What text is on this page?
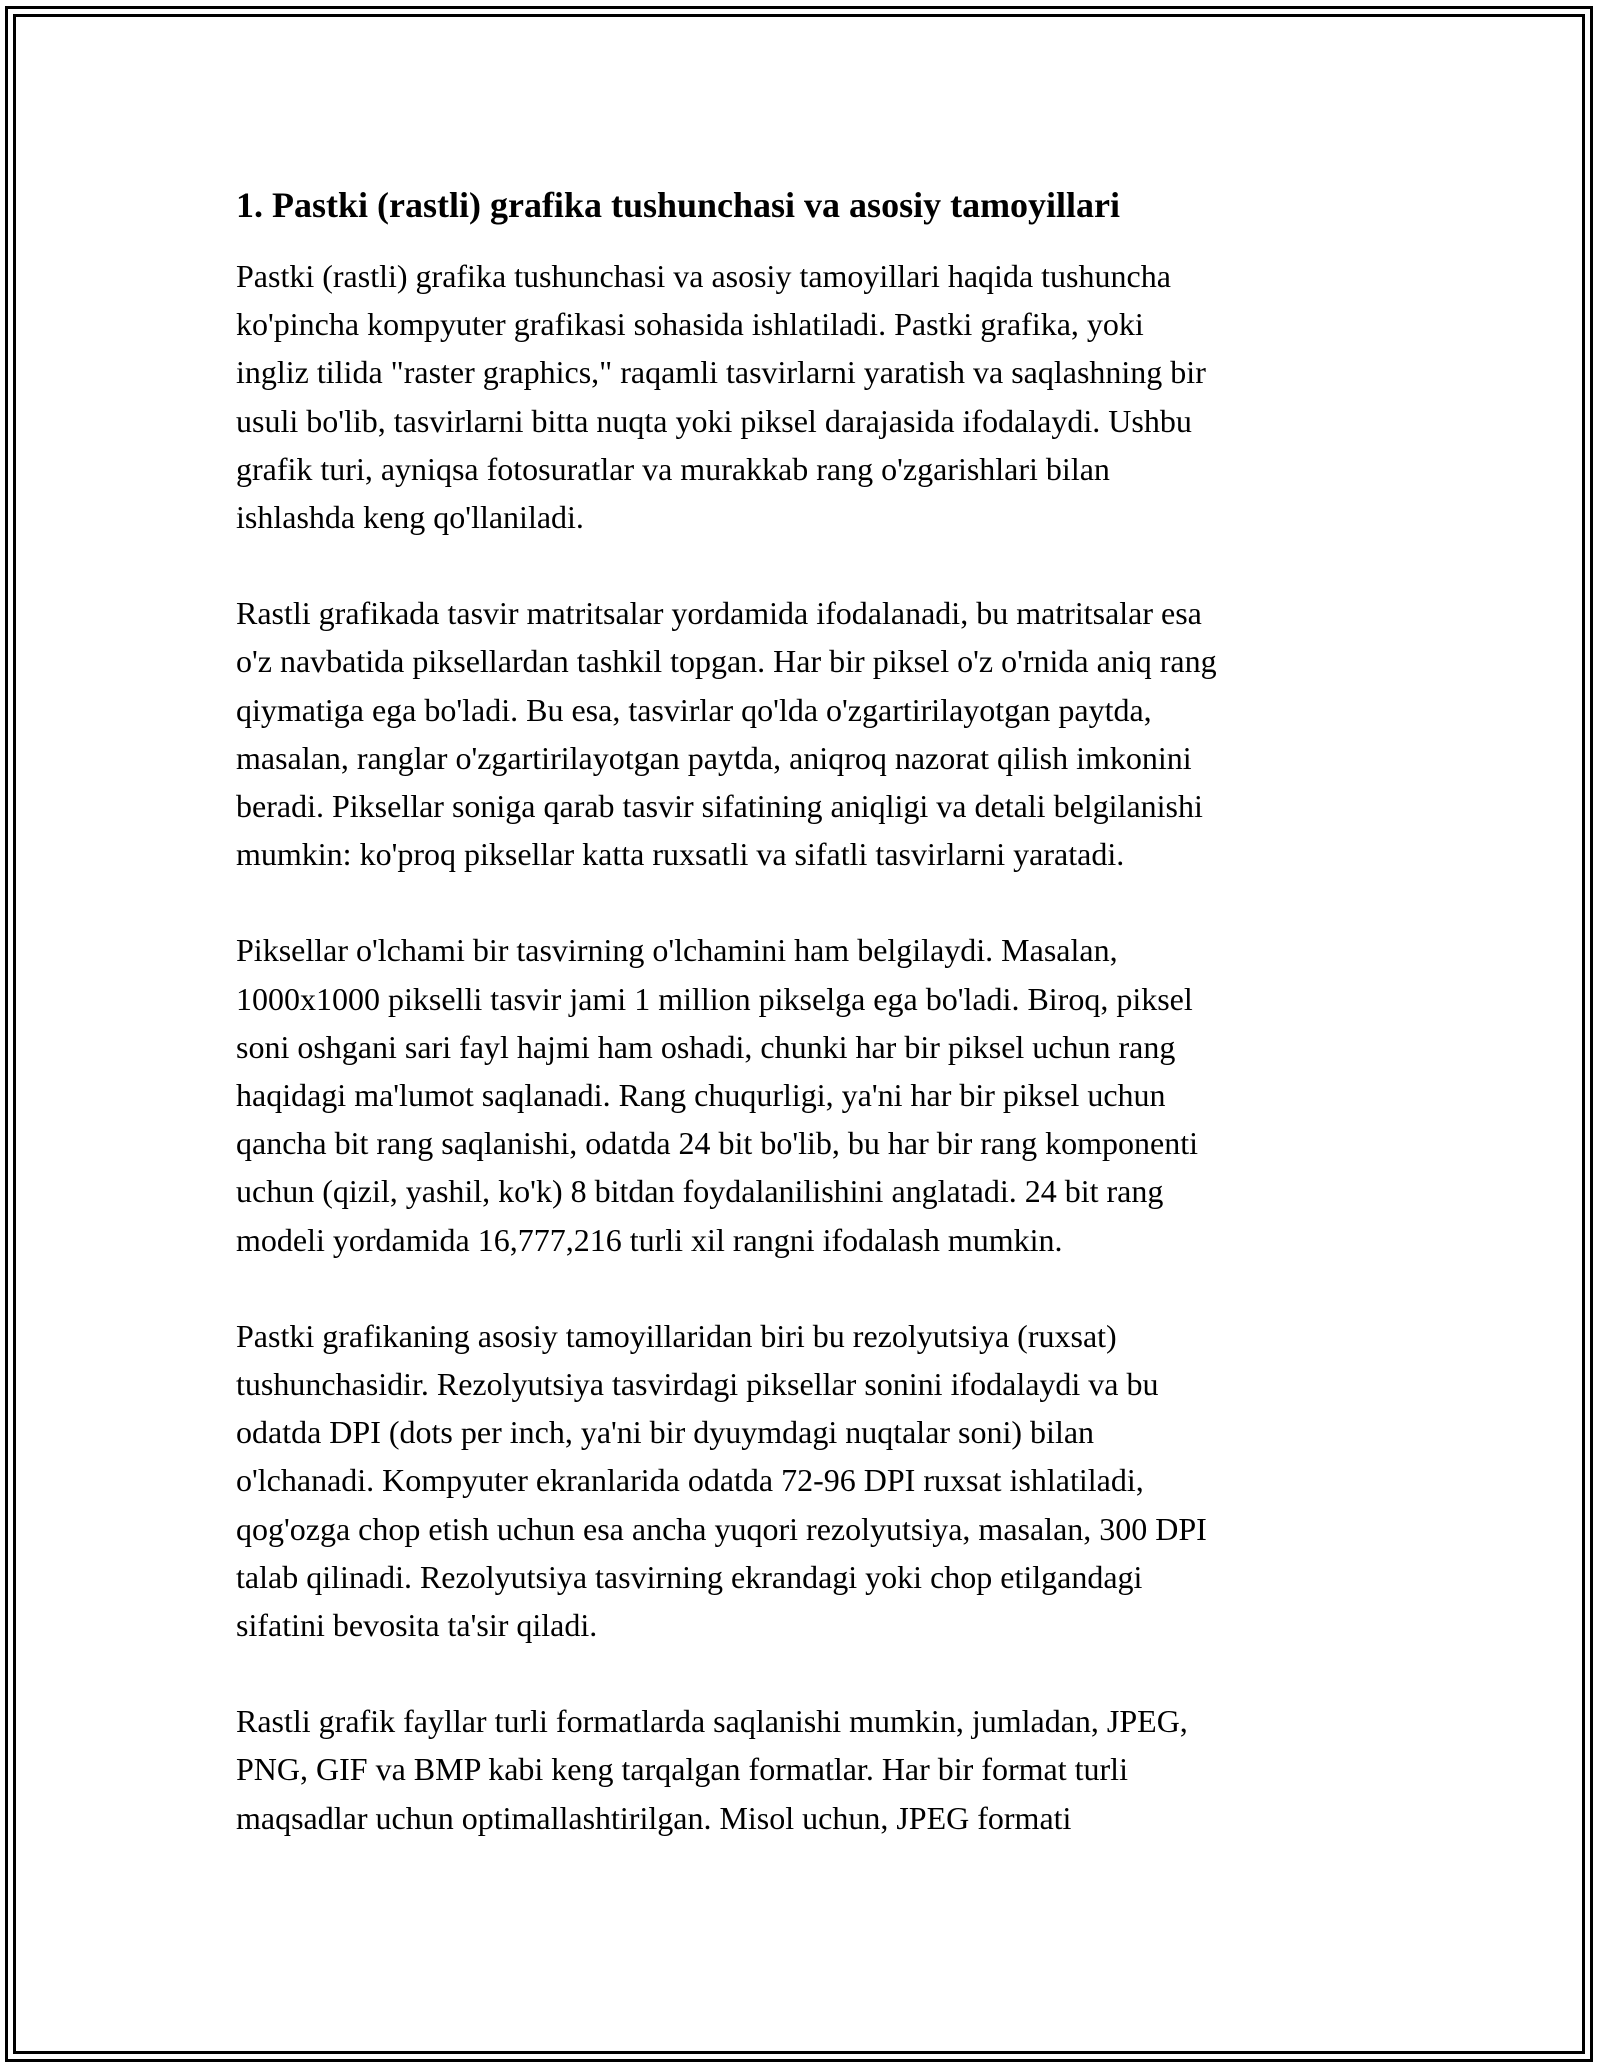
1. Pastki (rastli) grafika tushunchasi va asosiy tamoyillari

Pastki (rastli) grafika tushunchasi va asosiy tamoyillari haqida tushuncha
ko'pincha kompyuter grafikasi sohasida ishlatiladi. Pastki grafika, yoki
ingliz tilida "raster graphics," raqamli tasvirlarni yaratish va saqlashning bir
usuli bo'lib, tasvirlarni bitta nuqta yoki piksel darajasida ifodalaydi. Ushbu
grafik turi, ayniqsa fotosuratlar va murakkab rang o'zgarishlari bilan
ishlashda keng qo'llaniladi.

Rastli grafikada tasvir matritsalar yordamida ifodalanadi, bu matritsalar esa
o'z navbatida piksellardan tashkil topgan. Har bir piksel o'z o'rnida aniq rang
qiymatiga ega bo'ladi. Bu esa, tasvirlar qo'lda o'zgartirilayotgan paytda,
masalan, ranglar o'zgartirilayotgan paytda, aniqroq nazorat qilish imkonini
beradi. Piksellar soniga qarab tasvir sifatining aniqligi va detali belgilanishi
mumkin: ko'proq piksellar katta ruxsatli va sifatli tasvirlarni yaratadi.

Piksellar o'lchami bir tasvirning o'lchamini ham belgilaydi. Masalan,
1000x1000 pikselli tasvir jami 1 million pikselga ega bo'ladi. Biroq, piksel
soni oshgani sari fayl hajmi ham oshadi, chunki har bir piksel uchun rang
haqidagi ma'lumot saqlanadi. Rang chuqurligi, ya'ni har bir piksel uchun
qancha bit rang saqlanishi, odatda 24 bit bo'lib, bu har bir rang komponenti
uchun (qizil, yashil, ko'k) 8 bitdan foydalanilishini anglatadi. 24 bit rang
modeli yordamida 16,777,216 turli xil rangni ifodalash mumkin.

Pastki grafikaning asosiy tamoyillaridan biri bu rezolyutsiya (ruxsat)
tushunchasidir. Rezolyutsiya tasvirdagi piksellar sonini ifodalaydi va bu
odatda DPI (dots per inch, ya'ni bir dyuymdagi nuqtalar soni) bilan
o'lchanadi. Kompyuter ekranlarida odatda 72-96 DPI ruxsat ishlatiladi,
qog'ozga chop etish uchun esa ancha yuqori rezolyutsiya, masalan, 300 DPI
talab qilinadi. Rezolyutsiya tasvirning ekrandagi yoki chop etilgandagi
sifatini bevosita ta'sir qiladi.

Rastli grafik fayllar turli formatlarda saqlanishi mumkin, jumladan, JPEG,
PNG, GIF va BMP kabi keng tarqalgan formatlar. Har bir format turli
maqsadlar uchun optimallashtirilgan. Misol uchun, JPEG formati
